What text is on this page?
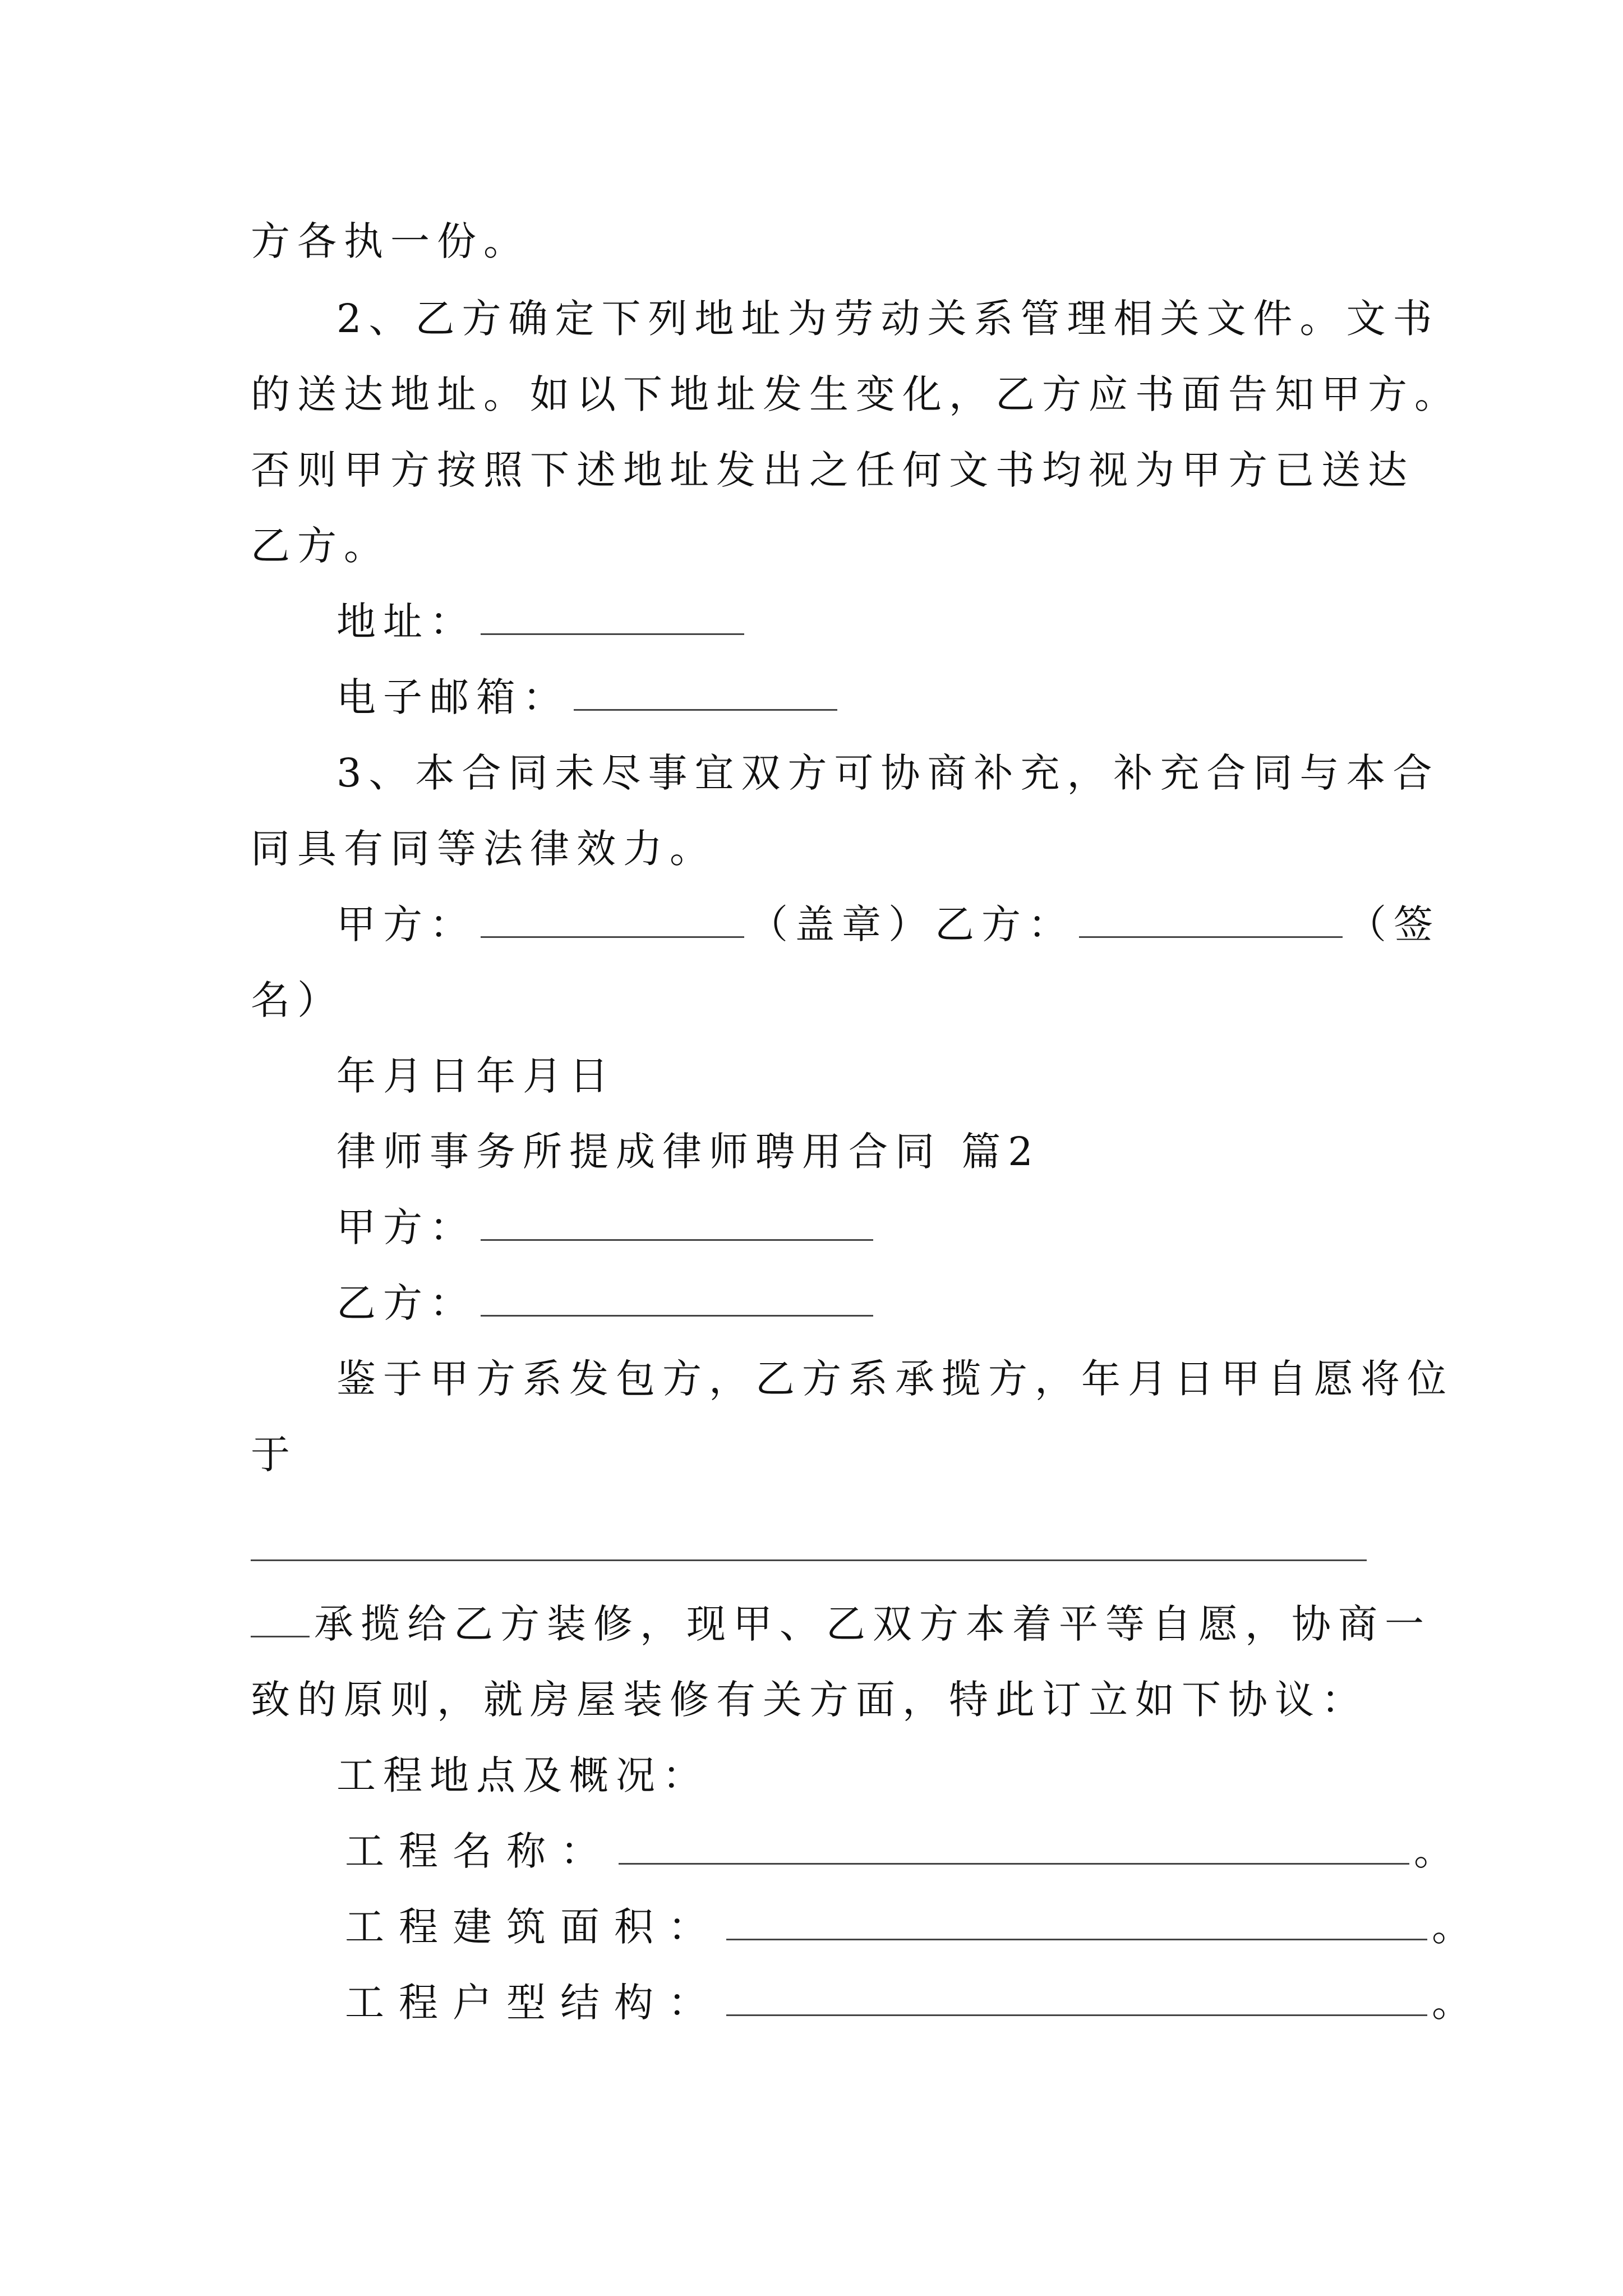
方各执一份。
2、乙方确定下列地址为劳动关系管理相关文件。文书
的送达地址。如以下地址发生变化，乙方应书面告知甲方。
否则甲方按照下述地址发出之任何文书均视为甲方已送达
乙方。
地址：
电子邮箱：
3、本合同未尽事宜双方可协商补充，补充合同与本合
同具有同等法律效力。
甲方：	（盖章）乙方：	（签
名）
年月日年月日
律师事务所提成律师聘用合同 篇2
甲方：
乙方：
鉴于甲方系发包方，乙方系承揽方，年月日甲自愿将位
于
承揽给乙方装修，现甲、乙双方本着平等自愿，协商一
致的原则，就房屋装修有关方面，特此订立如下协议：
工程地点及概况：
工程名称：	。
工程建筑面积：	。
工程户型结构：	。
